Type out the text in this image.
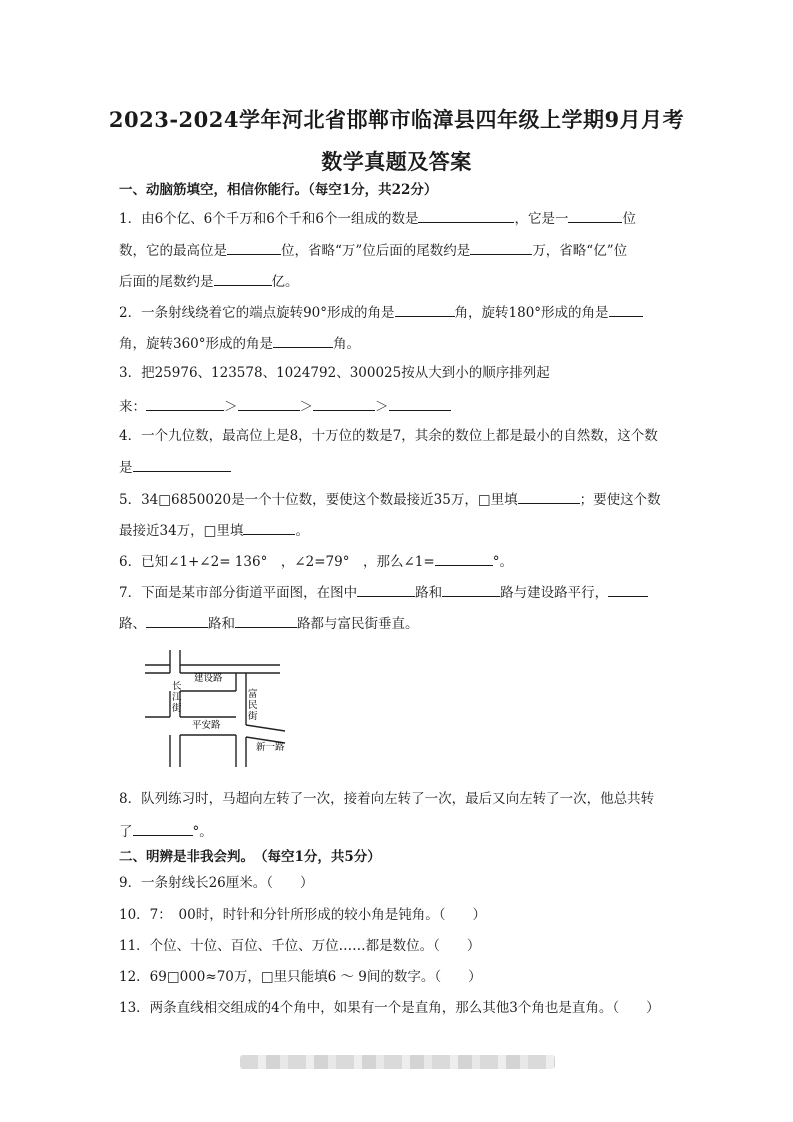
2023-2024学年河北省邯郸市临漳县四年级上学期9月月考
数学真题及答案
一、动脑筋填空，相信你能行。（每空1分，共22分）
1．由6个亿、6个千万和6个千和6个一组成的数是	，它是一	位
数，它的最高位是	位，省略“万”位后面的尾数约是	万，省略“亿”位
后面的尾数约是	亿。
2．一条射线绕着它的端点旋转90°形成的角是	角，旋转180°形成的角是
角，旋转360°形成的角是	角。
3．把25976、123578、1024792、300025按从大到小的顺序排列起
来：	＞	＞	＞
4．一个九位数，最高位上是8，十万位的数是7，其余的数位上都是最小的自然数，这个数
是
5．34□6850020是一个十位数，要使这个数最接近35万，□里填	；要使这个数
最接近34万，□里填	。
6．已知∠1+∠2= 136°　，∠2=79°　，那么∠1=	°。
7．下面是某市部分街道平面图，在图中	路和	路与建设路平行，
路、	路和	路都与富民街垂直。
建设路
长
江
街
富
民
街
平安路
新一路
8．队列练习时，马超向左转了一次，接着向左转了一次，最后又向左转了一次，他总共转
了	°。
二、明辨是非我会判。　（每空1分，共5分）
9．一条射线长26厘米。（　　）
10．7：　00时，时针和分针所形成的较小角是钝角。（　　）
11．个位、十位、百位、千位、万位……都是数位。（　　）
12．69□000≈70万，□里只能填6 ～ 9间的数字。（　　）
13．两条直线相交组成的4个角中，如果有一个是直角，那么其他3个角也是直角。（　　）
